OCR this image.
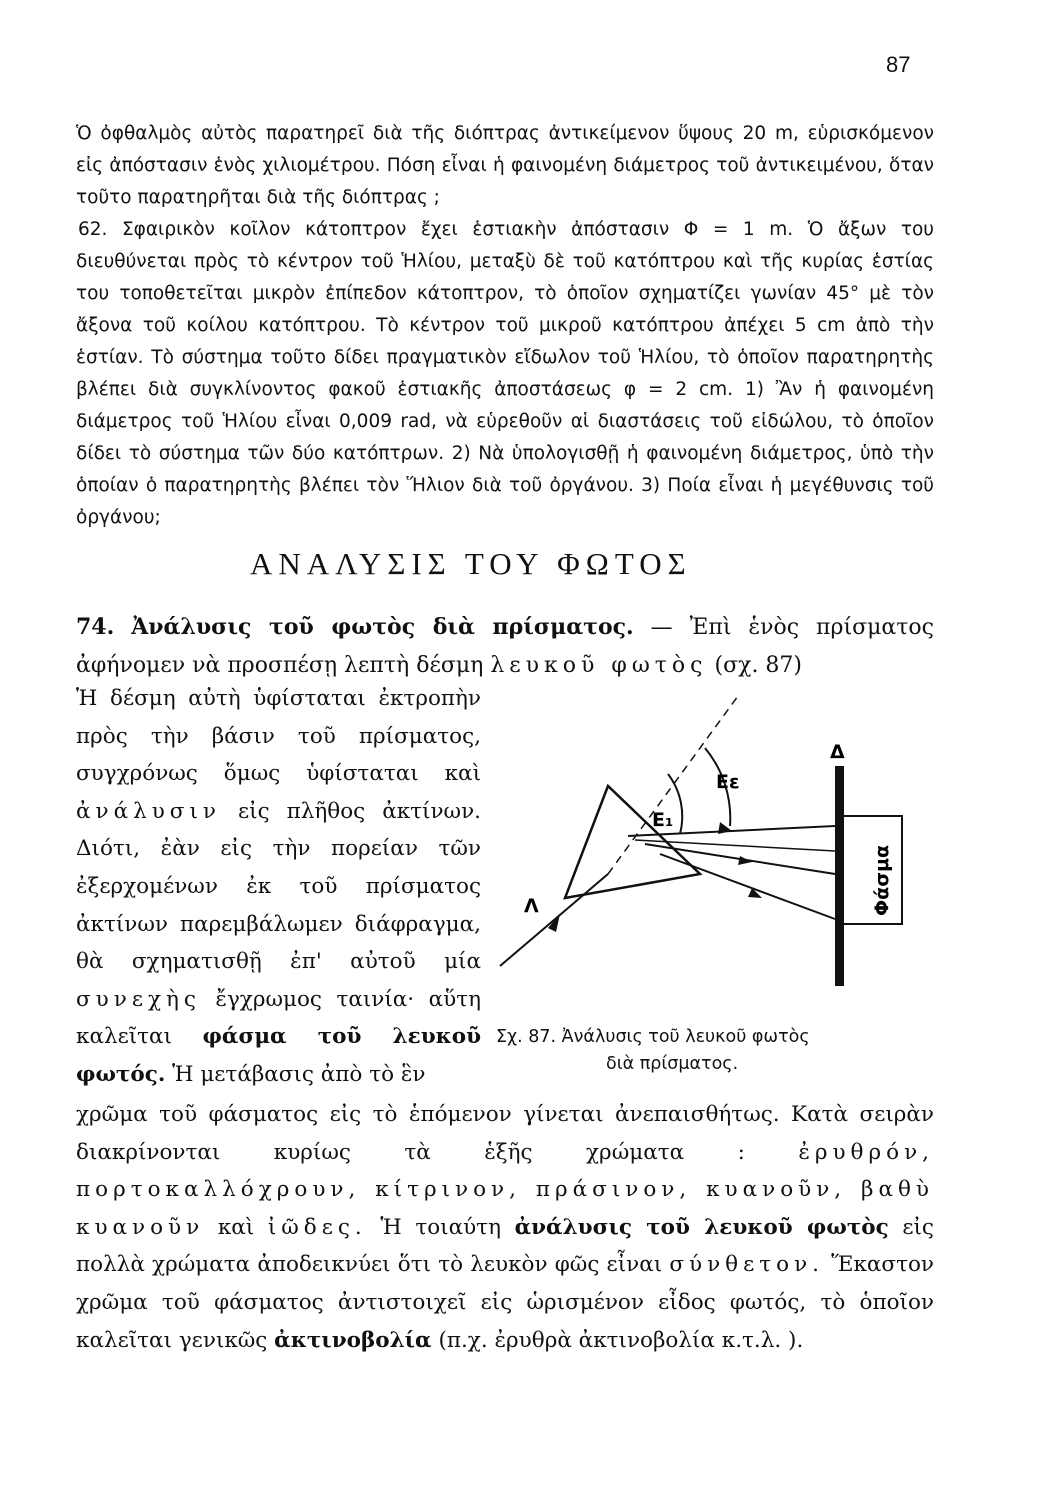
87

Ὁ ὀφθαλμὸς αὐτὸς παρατηρεῖ διὰ τῆς διόπτρας ἀντικείμενον ὕψους 20 m, εὑρισκόμενον εἰς ἀπόστασιν ἑνὸς χιλιομέτρου. Πόση εἶναι ἡ φαινομένη διάμετρος τοῦ ἀντικειμένου, ὅταν τοῦτο παρατηρῆται διὰ τῆς διόπτρας ;

62. Σφαιρικὸν κοῖλον κάτοπτρον ἔχει ἑστιακὴν ἀπόστασιν Φ = 1 m. Ὁ ἄξων του διευθύνεται πρὸς τὸ κέντρον τοῦ Ἡλίου, μεταξὺ δὲ τοῦ κατόπτρου καὶ τῆς κυρίας ἑστίας του τοποθετεῖται μικρὸν ἐπίπεδον κάτοπτρον, τὸ ὁποῖον σχηματίζει γωνίαν 45° μὲ τὸν ἄξονα τοῦ κοίλου κατόπτρου. Τὸ κέντρον τοῦ μικροῦ κατόπτρου ἀπέχει 5 cm ἀπὸ τὴν ἑστίαν. Τὸ σύστημα τοῦτο δίδει πραγματικὸν εἴδωλον τοῦ Ἡλίου, τὸ ὁποῖον παρατηρητὴς βλέπει διὰ συγκλίνοντος φακοῦ ἑστιακῆς ἀποστάσεως φ = 2 cm. 1) Ἂν ἡ φαινομένη διάμετρος τοῦ Ἡλίου εἶναι 0,009 rad, νὰ εὑρεθοῦν αἱ διαστάσεις τοῦ εἰδώλου, τὸ ὁποῖον δίδει τὸ σύστημα τῶν δύο κατόπτρων. 2) Νὰ ὑπολογισθῇ ἡ φαινομένη διάμετρος, ὑπὸ τὴν ὁποίαν ὁ παρατηρητὴς βλέπει τὸν Ἥλιον διὰ τοῦ ὀργάνου. 3) Ποία εἶναι ἡ μεγέθυνσις τοῦ ὀργάνου;

ΑΝΑΛΥΣΙΣ ΤΟΥ ΦΩΤΟΣ
74. Ἀνάλυσις τοῦ φωτὸς διὰ πρίσματος. — Ἐπὶ ἑνὸς πρίσματος ἀφήνομεν νὰ προσπέσῃ λεπτὴ δέσμη λευκοῦ φωτὸς (σχ. 87)

Ἡ δέσμη αὐτὴ ὑφίσταται ἐκτροπὴν πρὸς τὴν βάσιν τοῦ πρίσματος, συγχρόνως ὅμως ὑφίσταται καὶ ἀνάλυσιν εἰς πλῆθος ἀκτίνων. Διότι, ἐὰν εἰς τὴν πορείαν τῶν ἐξερχομένων ἐκ τοῦ πρίσματος ἀκτίνων παρεμβάλωμεν διάφραγμα, θὰ σχηματισθῇ ἐπ' αὐτοῦ μία συνεχὴς ἔγχρωμος ταινία· αὕτη καλεῖται φάσμα τοῦ λευκοῦ φωτός. Ἡ μετάβασις ἀπὸ τὸ ἓν

Λ
Ε₁
Εε
Δ
Φάσμα
Σχ. 87. Ἀνάλυσις τοῦ λευκοῦ φωτὸς
διὰ πρίσματος.

χρῶμα τοῦ φάσματος εἰς τὸ ἑπόμενον γίνεται ἀνεπαισθήτως. Κατὰ σειρὰν διακρίνονται κυρίως τὰ ἑξῆς χρώματα : ἐρυθρόν, πορτοκαλλόχρουν, κίτρινον, πράσινον, κυανοῦν, βαθὺ κυανοῦν καὶ ἰῶδες. Ἡ τοιαύτη ἀνάλυσις τοῦ λευκοῦ φωτὸς εἰς πολλὰ χρώματα ἀποδεικνύει ὅτι τὸ λευκὸν φῶς εἶναι σύνθετον. Ἕκαστον χρῶμα τοῦ φάσματος ἀντιστοιχεῖ εἰς ὡρισμένον εἶδος φωτός, τὸ ὁποῖον καλεῖται γενικῶς ἀκτινοβολία (π.χ. ἐρυθρὰ ἀκτινοβολία κ.τ.λ. ).
